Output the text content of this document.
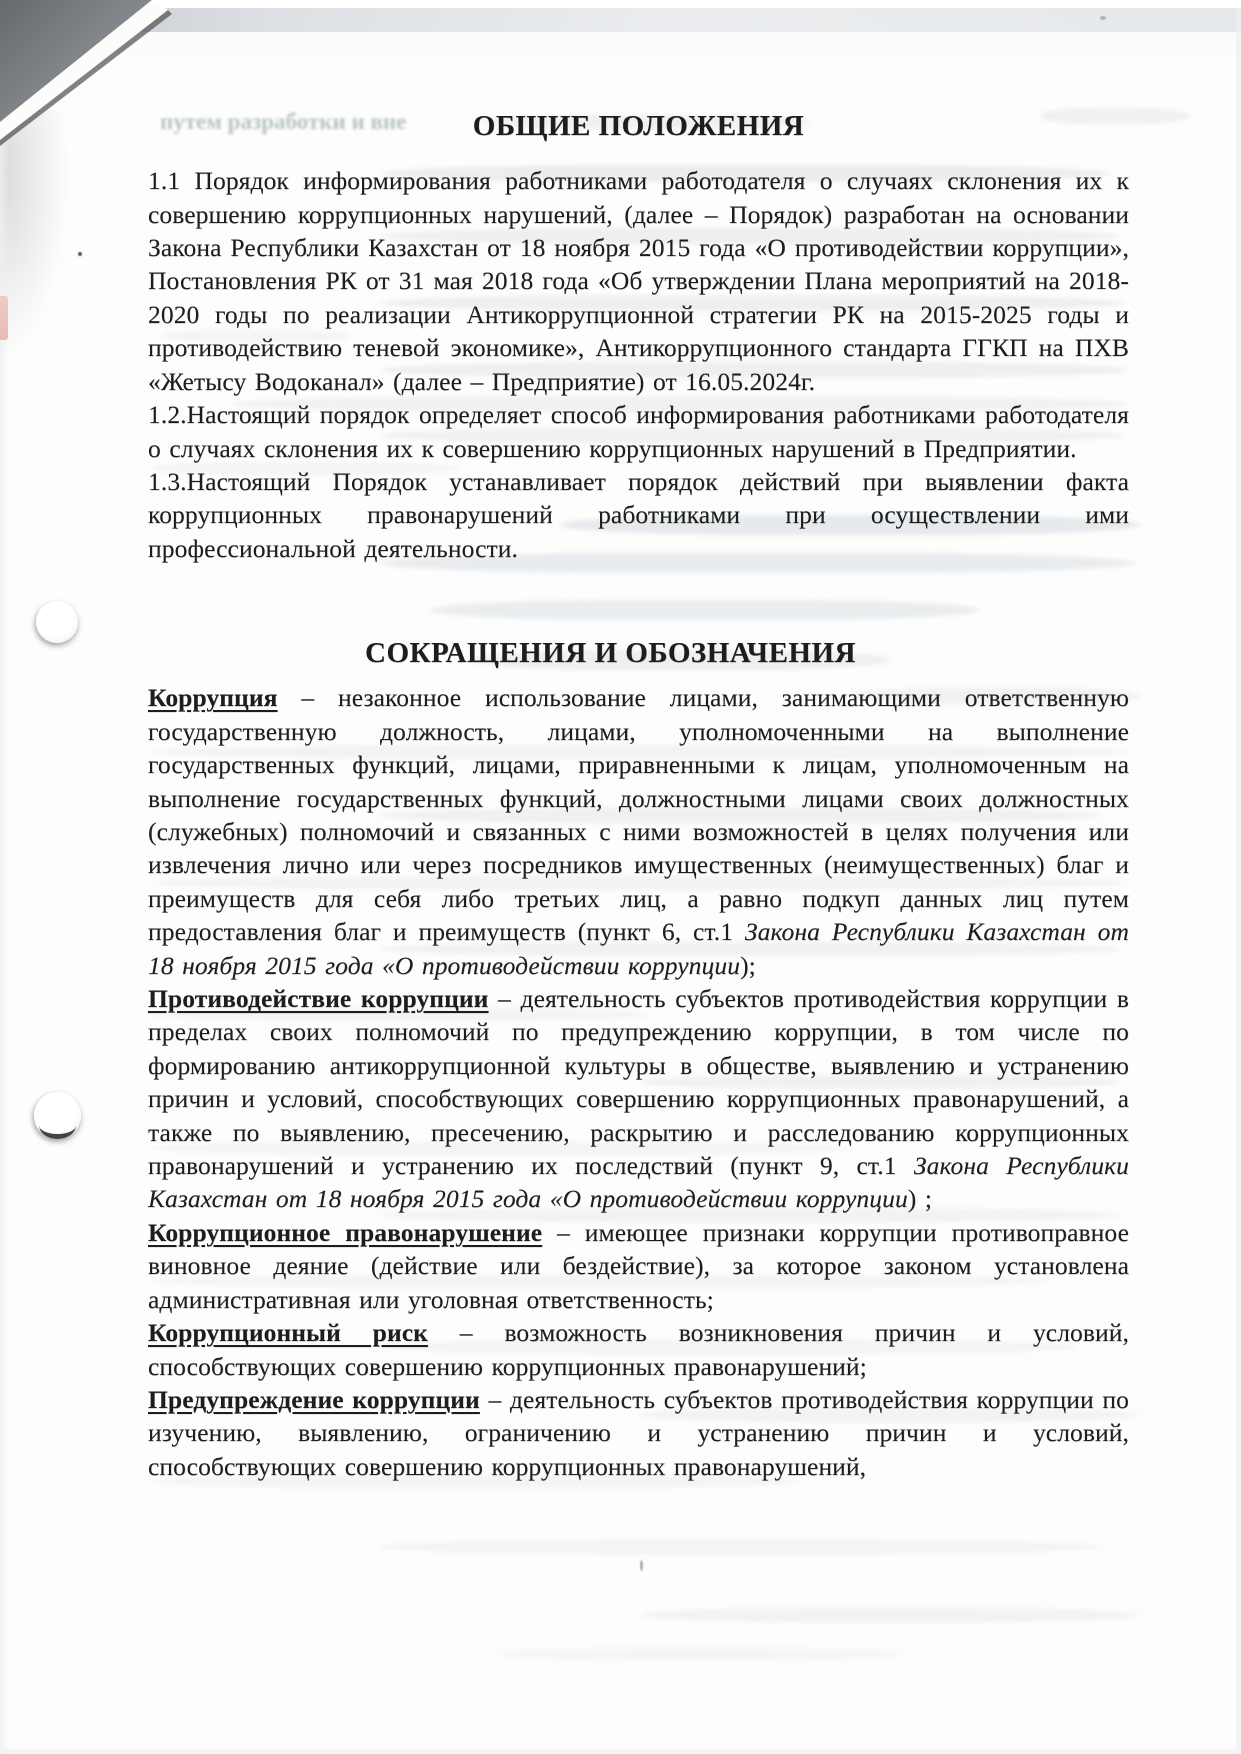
путем разработки и вне	ОБЩИЕ ПОЛОЖЕНИЯ

1.1 Порядок информирования работниками работодателя о случаях склонения их к совершению коррупционных нарушений, (далее – Порядок) разработан на основании Закона Республики Казахстан от 18 ноября 2015 года «О противодействии коррупции», Постановления РК от 31 мая 2018 года «Об утверждении Плана мероприятий на 2018-2020 годы по реализации Антикоррупционной стратегии РК на 2015-2025 годы и противодействию теневой экономике», Антикоррупционного стандарта ГГКП на ПХВ «Жетысу Водоканал» (далее – Предприятие) от 16.05.2024г.

1.2.Настоящий порядок определяет способ информирования работниками работодателя о случаях склонения их к совершению коррупционных нарушений в Предприятии.

1.3.Настоящий Порядок устанавливает порядок действий при выявлении факта коррупционных правонарушений работниками при осуществлении ими профессиональной деятельности.

СОКРАЩЕНИЯ И ОБОЗНАЧЕНИЯ

Коррупция – незаконное использование лицами, занимающими ответственную государственную должность, лицами, уполномоченными на выполнение государственных функций, лицами, приравненными к лицам, уполномоченным на выполнение государственных функций, должностными лицами своих должностных (служебных) полномочий и связанных с ними возможностей в целях получения или извлечения лично или через посредников имущественных (неимущественных) благ и преимуществ для себя либо третьих лиц, а равно подкуп данных лиц путем предоставления благ и преимуществ (пункт 6, ст.1 Закона Республики Казахстан от 18 ноября 2015 года «О противодействии коррупции);

Противодействие коррупции – деятельность субъектов противодействия коррупции в пределах своих полномочий по предупреждению коррупции, в том числе по формированию антикоррупционной культуры в обществе, выявлению и устранению причин и условий, способствующих совершению коррупционных правонарушений, а также по выявлению, пресечению, раскрытию и расследованию коррупционных правонарушений и устранению их последствий (пункт 9, ст.1 Закона Республики Казахстан от 18 ноября 2015 года «О противодействии коррупции) ;

Коррупционное правонарушение – имеющее признаки коррупции противоправное виновное деяние (действие или бездействие), за которое законом установлена административная или уголовная ответственность;

Коррупционный риск – возможность возникновения причин и условий, способствующих совершению коррупционных правонарушений;

Предупреждение коррупции – деятельность субъектов противодействия коррупции по изучению, выявлению, ограничению и устранению причин и условий, способствующих совершению коррупционных правонарушений,
